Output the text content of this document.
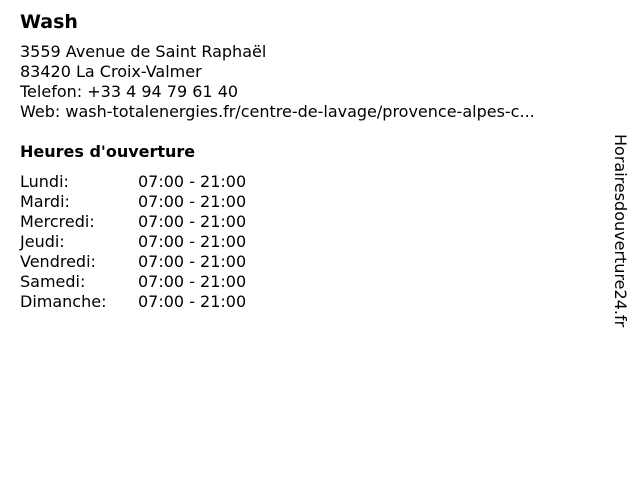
Wash
3559 Avenue de Saint Raphaël
83420 La Croix-Valmer
Telefon: +33 4 94 79 61 40
Web: wash-totalenergies.fr/centre-de-lavage/provence-alpes-c...
Heures d'ouverture
Lundi:	07:00 - 21:00
Mardi:	07:00 - 21:00
Mercredi:	07:00 - 21:00
Jeudi:	07:00 - 21:00
Vendredi:	07:00 - 21:00
Samedi:	07:00 - 21:00
Dimanche:	07:00 - 21:00	Horairesdouverture24.fr
